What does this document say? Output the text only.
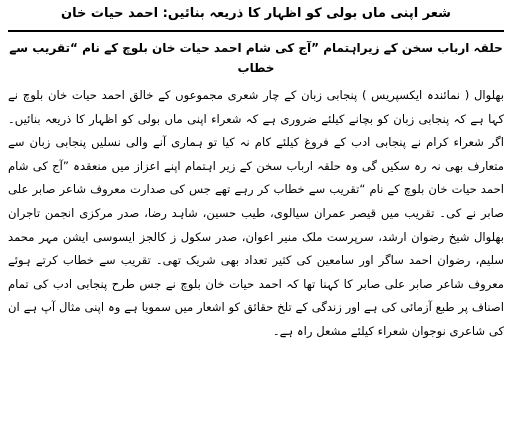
شعر اپنی ماں بولی کو اظہار کا ذریعہ بنائیں: احمد حیات خان
حلقہ ارباب سخن کے زیراہتمام ”آج کی شام احمد حیات خان بلوچ کے نام “تقریب سے خطاب

بھلوال ( نمائندہ ایکسپریس ) پنجابی زبان کے چار شعری مجموعوں کے خالق احمد حیات خان بلوچ نے کہا ہے کہ پنجابی زبان کو بچانے کیلئے ضروری ہے کہ شعراء اپنی ماں بولی کو اظہار کا ذریعہ بنائیں۔ اگر شعراء کرام نے پنجابی ادب کے فروغ کیلئے کام نہ کیا تو ہماری آنے والی نسلیں پنجابی زبان سے متعارف بھی نہ رہ سکیں گی وہ حلقہ ارباب سخن کے زیر اہتمام اپنے اعزاز میں منعقدہ ”آج کی شام احمد حیات خان بلوچ کے نام “تقریب سے خطاب کر رہے تھے جس کی صدارت معروف شاعر صابر علی صابر نے کی۔ تقریب میں قیصر عمران سیالوی، طیب حسین، شاہد رضا، صدر مرکزی انجمن تاجران بھلوال شیخ رضوان ارشد، سرپرست ملک منیر اعوان، صدر سکول ز کالجز ایسوسی ایشن مہر محمد سلیم، رضوان احمد ساگر اور سامعین کی کثیر تعداد بھی شریک تھی۔ تقریب سے خطاب کرتے ہوئے معروف شاعر صابر علی صابر کا کہنا تھا کہ احمد حیات خان بلوچ نے جس طرح پنجابی ادب کی تمام اصناف پر طبع آزمائی کی ہے اور زندگی کے تلخ حقائق کو اشعار میں سمویا ہے وہ اپنی مثال آپ ہے ان کی شاعری نوجوان شعراء کیلئے مشعل راہ ہے۔
